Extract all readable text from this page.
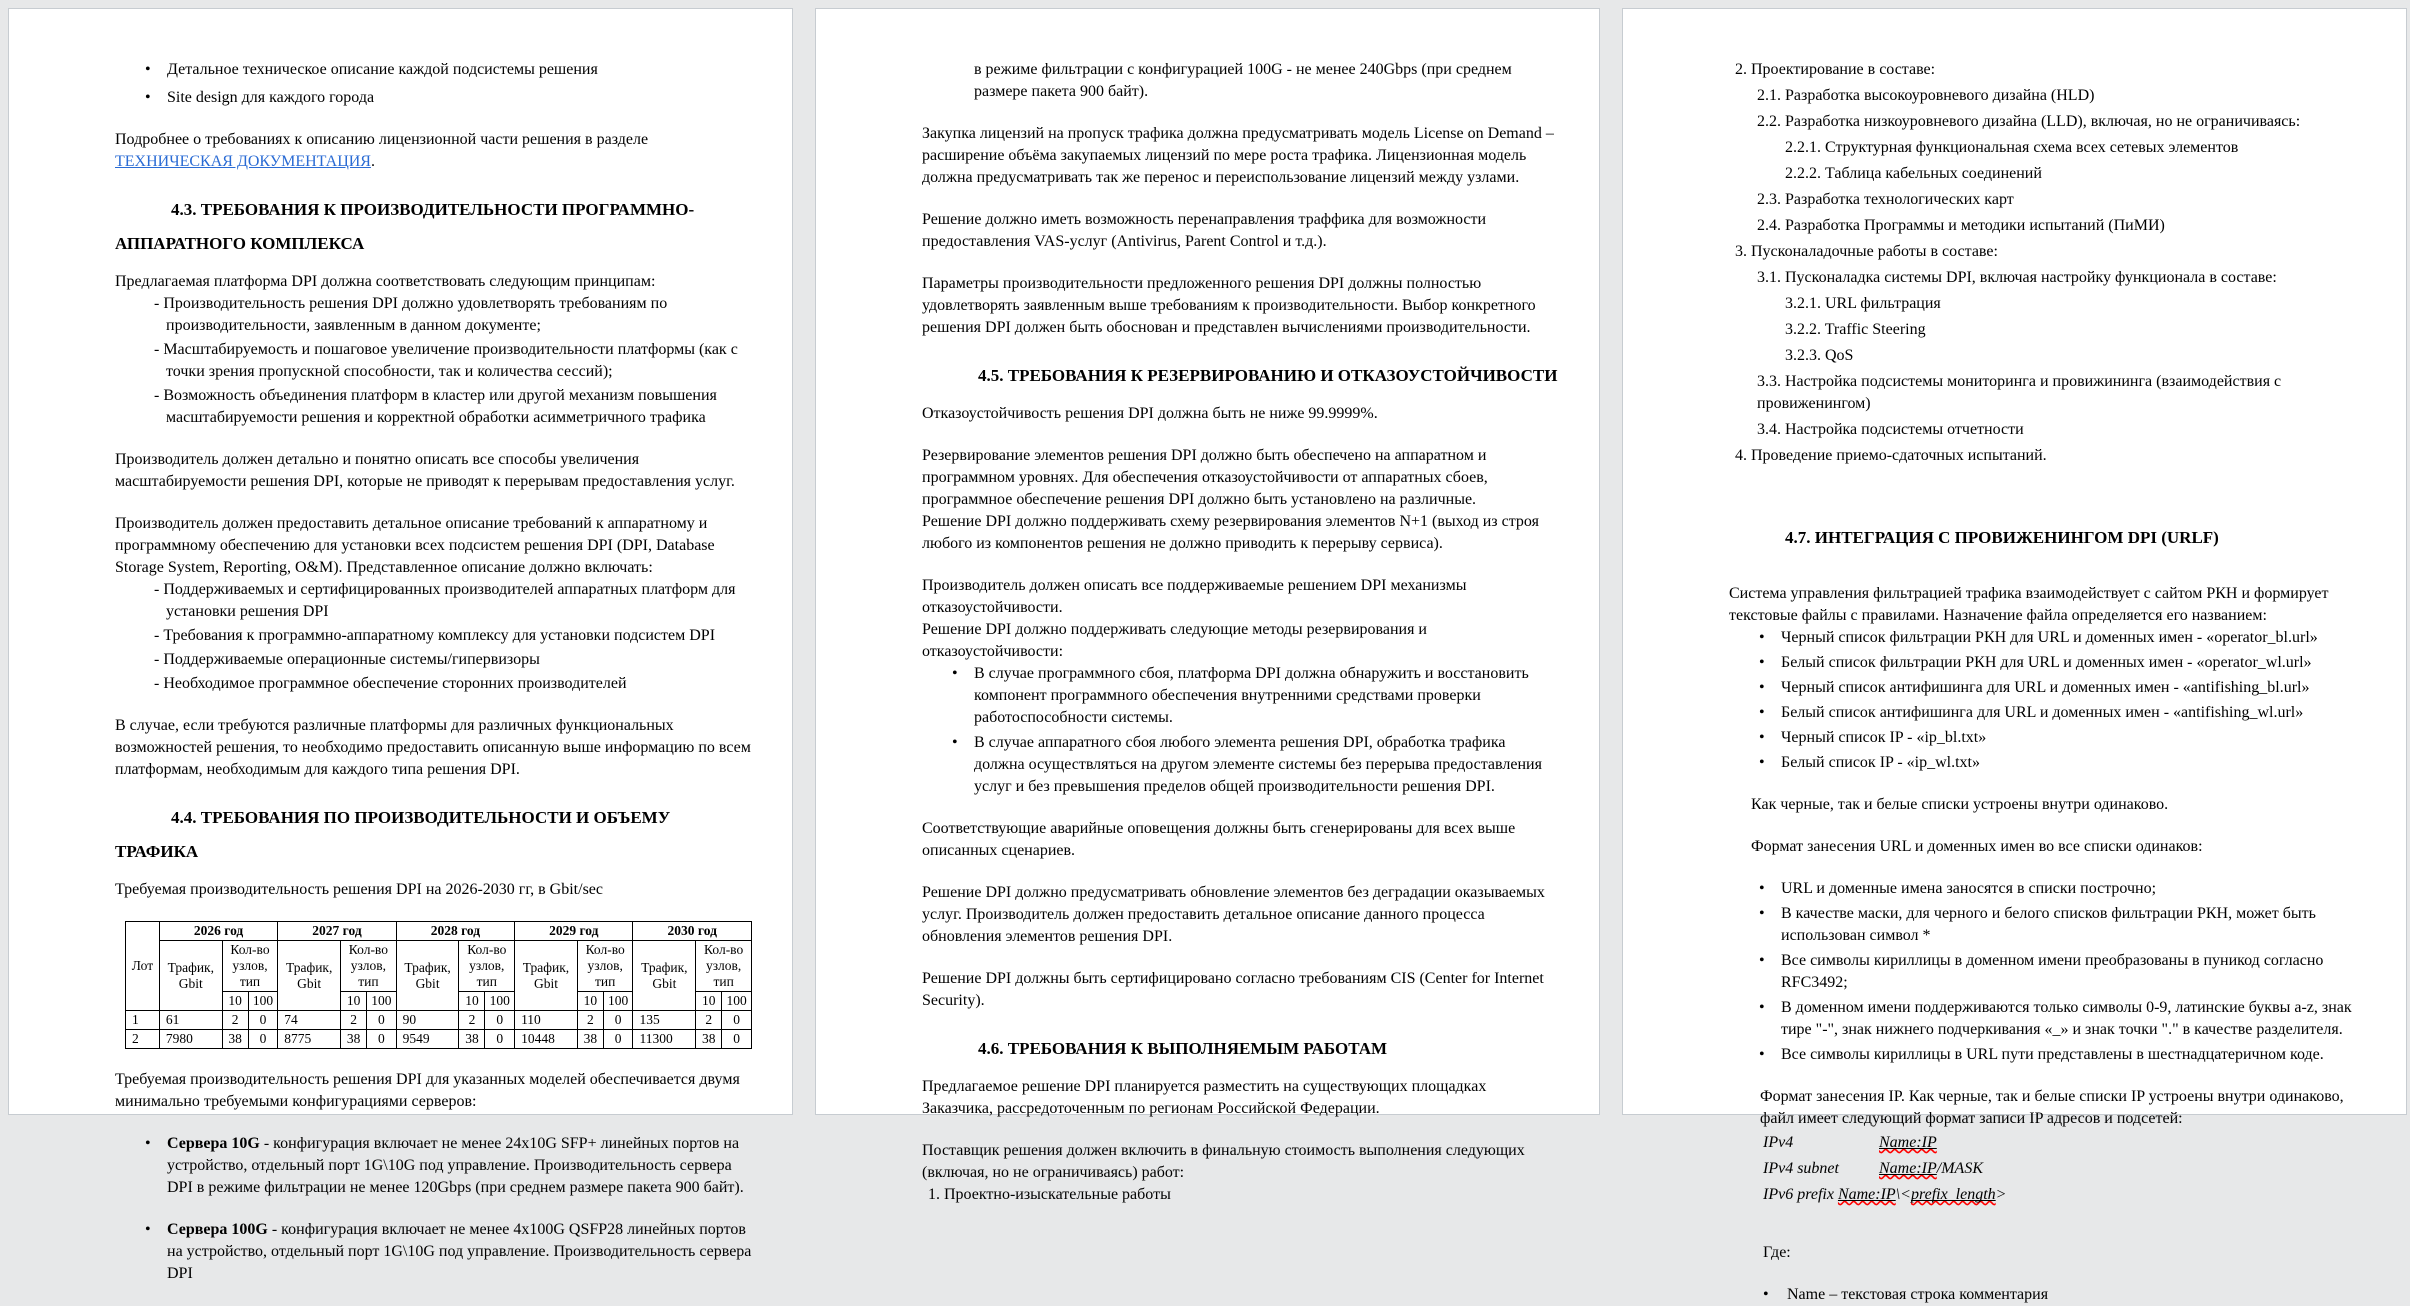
• Детальное техническое описание каждой подсистемы решения
• Site design для каждого города

Подробнее о требованиях к описанию лицензионной части решения в разделе ТЕХНИЧЕСКАЯ ДОКУМЕНТАЦИЯ.

4.3. ТРЕБОВАНИЯ К ПРОИЗВОДИТЕЛЬНОСТИ ПРОГРАММНО-АППАРАТНОГО КОМПЛЕКСА

Предлагаемая платформа DPI должна соответствовать следующим принципам:

- Производительность решения DPI должно удовлетворять требованиям по производительности, заявленным в данном документе;
- Масштабируемость и пошаговое увеличение производительности платформы (как с точки зрения пропускной способности, так и количества сессий);
- Возможность объединения платформ в кластер или другой механизм повышения масштабируемости решения и корректной обработки асимметричного трафика

Производитель должен детально и понятно описать все способы увеличения масштабируемости решения DPI, которые не приводят к перерывам предоставления услуг.

Производитель должен предоставить детальное описание требований к аппаратному и программному обеспечению для установки всех подсистем решения DPI (DPI, Database Storage System, Reporting, O&M). Представленное описание должно включать:

- Поддерживаемых и сертифицированных производителей аппаратных платформ для установки решения DPI
- Требования к программно-аппаратному комплексу для установки подсистем DPI
- Поддерживаемые операционные системы/гипервизоры
- Необходимое программное обеспечение сторонних производителей

В случае, если требуются различные платформы для различных функциональных возможностей решения, то необходимо предоставить описанную выше информацию по всем платформам, необходимым для каждого типа решения DPI.

4.4. ТРЕБОВАНИЯ ПО ПРОИЗВОДИТЕЛЬНОСТИ И ОБЪЕМУ ТРАФИКА

Требуемая производительность решения DPI на 2026-2030 гг, в Gbit/sec

Лот	2026 год			2027 год			2028 год			2029 год			2030 год		
	Трафик, Gbit	Кол-во узлов, тип		Трафик, Gbit	Кол-во узлов, тип		Трафик, Gbit	Кол-во узлов, тип		Трафик, Gbit	Кол-во узлов, тип		Трафик, Gbit	Кол-во узлов, тип	
		10	100		10	100		10	100		10	100		10	100
1	61	2	0	74	2	0	90	2	0	110	2	0	135	2	0
2	7980	38	0	8775	38	0	9549	38	0	10448	38	0	11300	38	0

Требуемая производительность решения DPI для указанных моделей обеспечивается двумя минимально требуемыми конфигурациями серверов:

• Сервера 10G - конфигурация включает не менее 24x10G SFP+ линейных портов на устройство, отдельный порт 1G\10G под управление. Производительность сервера DPI в режиме фильтрации не менее 120Gbps (при среднем размере пакета 900 байт).
• Сервера 100G - конфигурация включает не менее 4x100G QSFP28 линейных портов на устройство, отдельный порт 1G\10G под управление. Производительность сервера DPI

в режиме фильтрации с конфигурацией 100G - не менее 240Gbps (при среднем размере пакета 900 байт).

Закупка лицензий на пропуск трафика должна предусматривать модель License on Demand – расширение объёма закупаемых лицензий по мере роста трафика. Лицензионная модель должна предусматривать так же перенос и переиспользование лицензий между узлами.

Решение должно иметь возможность перенаправления траффика для возможности предоставления VAS-услуг (Antivirus, Parent Control и т.д.).

Параметры производительности предложенного решения DPI должны полностью удовлетворять заявленным выше требованиям к производительности. Выбор конкретного решения DPI должен быть обоснован и представлен вычислениями производительности.

4.5. ТРЕБОВАНИЯ К РЕЗЕРВИРОВАНИЮ И ОТКАЗОУСТОЙЧИВОСТИ

Отказоустойчивость решения DPI должна быть не ниже 99.9999%.

Резервирование элементов решения DPI должно быть обеспечено на аппаратном и программном уровнях. Для обеспечения отказоустойчивости от аппаратных сбоев, программное обеспечение решения DPI должно быть установлено на различные.
Решение DPI должно поддерживать схему резервирования элементов N+1 (выход из строя любого из компонентов решения не должно приводить к перерыву сервиса).
Производитель должен описать все поддерживаемые решением DPI механизмы отказоустойчивости.
Решение DPI должно поддерживать следующие методы резервирования и отказоустойчивости:
• В случае программного сбоя, платформа DPI должна обнаружить и восстановить компонент программного обеспечения внутренними средствами проверки работоспособности системы.
• В случае аппаратного сбоя любого элемента решения DPI, обработка трафика должна осуществляться на другом элементе системы без перерыва предоставления услуг и без превышения пределов общей производительности решения DPI.

Соответствующие аварийные оповещения должны быть сгенерированы для всех выше описанных сценариев.

Решение DPI должно предусматривать обновление элементов без деградации оказываемых услуг. Производитель должен предоставить детальное описание данного процесса обновления элементов решения DPI.

Решение DPI должны быть сертифицировано согласно требованиям CIS (Center for Internet Security).

4.6. ТРЕБОВАНИЯ К ВЫПОЛНЯЕМЫМ РАБОТАМ

Предлагаемое решение DPI планируется разместить на существующих площадках Заказчика, рассредоточенным по регионам Российской Федерации.

Поставщик решения должен включить в финальную стоимость выполнения следующих (включая, но не ограничиваясь) работ:

1. Проектно-изыскательные работы
2. Проектирование в составе:
2.1. Разработка высокоуровневого дизайна (HLD)
2.2. Разработка низкоуровневого дизайна (LLD), включая, но не ограничиваясь:
2.2.1. Структурная функциональная схема всех сетевых элементов
2.2.2. Таблица кабельных соединений
2.3. Разработка технологических карт
2.4. Разработка Программы и методики испытаний (ПиМИ)
3. Пусконаладочные работы в составе:
3.1. Пусконаладка системы DPI, включая настройку функционала в составе:
3.2.1. URL фильтрация
3.2.2. Traffic Steering
3.2.3. QoS
3.3. Настройка подсистемы мониторинга и провижининга (взаимодействия с провиженингом)
3.4. Настройка подсистемы отчетности
4. Проведение приемо-сдаточных испытаний.
4.7. ИНТЕГРАЦИЯ С ПРОВИЖЕНИНГОМ DPI (URLF)

Система управления фильтрацией трафика взаимодействует с сайтом РКН и формирует текстовые файлы с правилами. Назначение файла определяется его названием:

• Черный список фильтрации РКН для URL и доменных имен - «operator_bl.url»
• Белый список фильтрации РКН для URL и доменных имен - «operator_wl.url»
• Черный список антифишинга для URL и доменных имен - «antifishing_bl.url»
• Белый список антифишинга для URL и доменных имен - «antifishing_wl.url»
• Черный список IP - «ip_bl.txt»
• Белый список IP - «ip_wl.txt»

Как черные, так и белые списки устроены внутри одинаково.

Формат занесения URL и доменных имен во все списки одинаков:

• URL и доменные имена заносятся в списки построчно;
• В качестве маски, для черного и белого списков фильтрации РКН, может быть использован символ *
• Все символы кириллицы в доменном имени преобразованы в пуникод согласно RFC3492;
• В доменном имени поддерживаются только символы 0-9, латинские буквы a-z, знак тире "-", знак нижнего подчеркивания «_» и знак точки "." в качестве разделителя.
• Все символы кириллицы в URL пути представлены в шестнадцатеричном коде.

Формат занесения IP. Как черные, так и белые списки IP устроены внутри одинаково, файл имеет следующий формат записи IP адресов и подсетей:

IPv4	Name:IP
IPv4 subnet	Name:IP/MASK
IPv6 prefix Name:IP\<prefix_length>

Где:

• Name – текстовая строка комментария
